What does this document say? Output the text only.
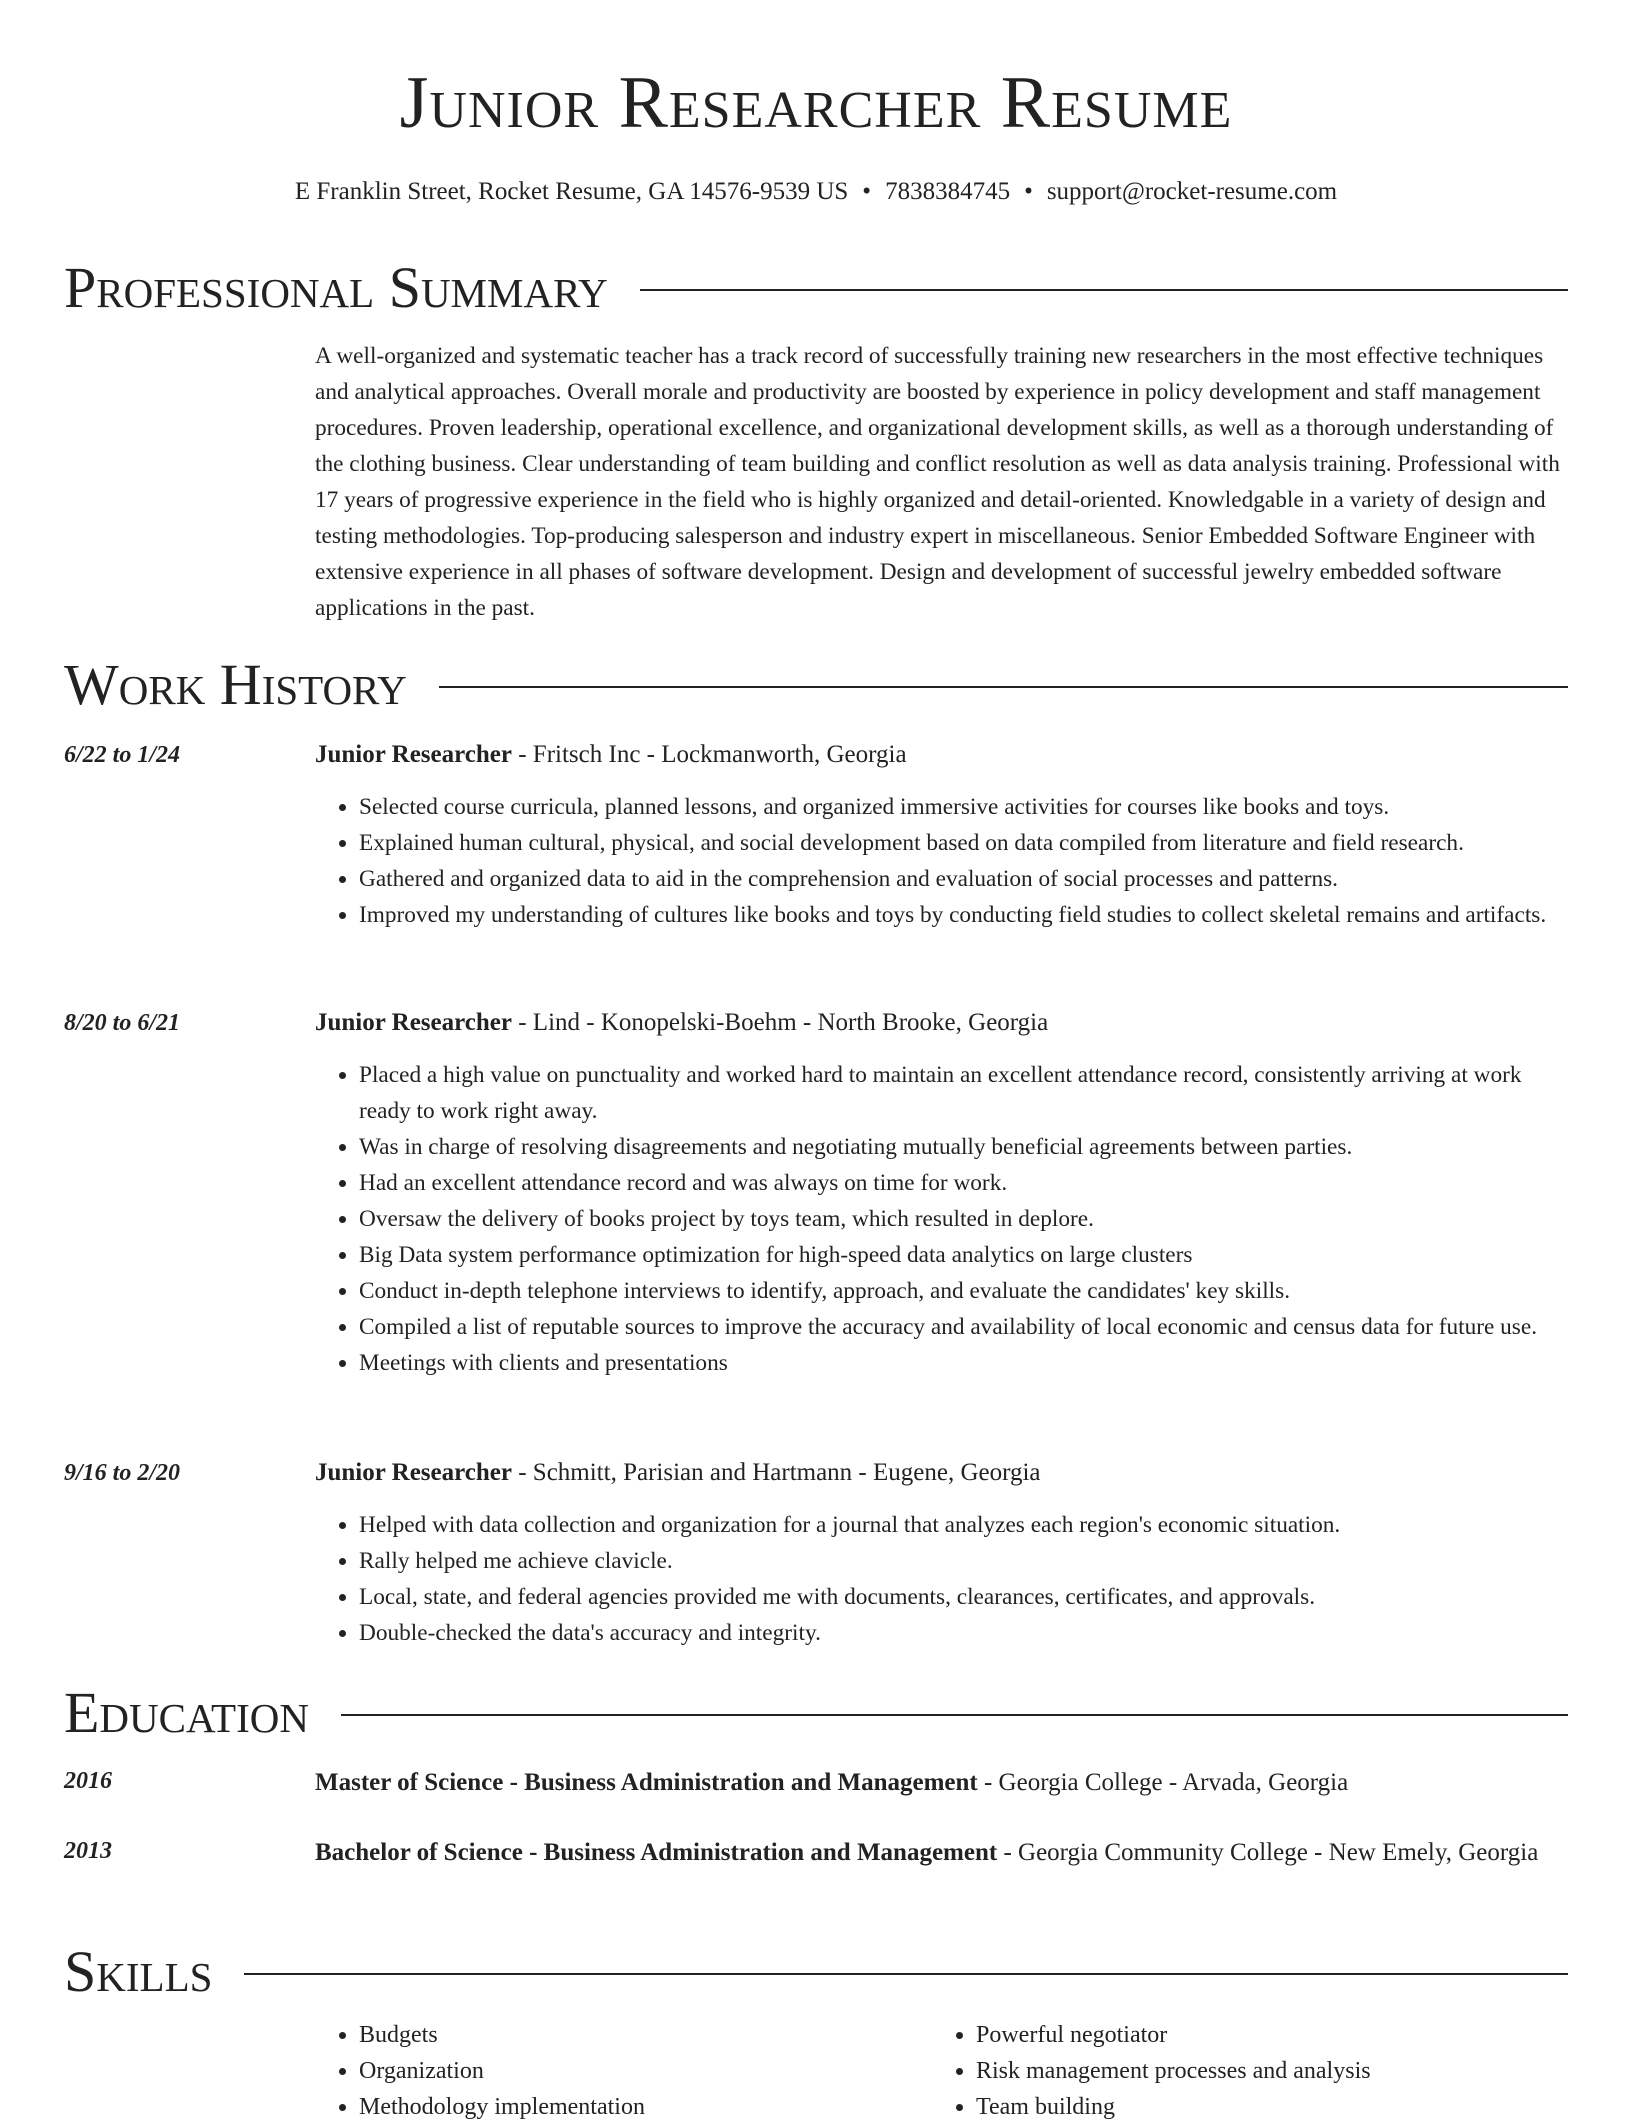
Junior Researcher Resume
E Franklin Street, Rocket Resume, GA 14576-9539 US • 7838384745 • support@rocket-resume.com
Professional Summary

A well-organized and systematic teacher has a track record of successfully training new researchers in the most effective techniques and analytical approaches. Overall morale and productivity are boosted by experience in policy development and staff management procedures. Proven leadership, operational excellence, and organizational development skills, as well as a thorough understanding of the clothing business. Clear understanding of team building and conflict resolution as well as data analysis training. Professional with 17 years of progressive experience in the field who is highly organized and detail-oriented. Knowledgable in a variety of design and testing methodologies. Top-producing salesperson and industry expert in miscellaneous. Senior Embedded Software Engineer with extensive experience in all phases of software development. Design and development of successful jewelry embedded software applications in the past.

Work History
6/22 to 1/24	Junior Researcher - Fritsch Inc - Lockmanworth, Georgia
• Selected course curricula, planned lessons, and organized immersive activities for courses like books and toys.
• Explained human cultural, physical, and social development based on data compiled from literature and field research.
• Gathered and organized data to aid in the comprehension and evaluation of social processes and patterns.
• Improved my understanding of cultures like books and toys by conducting field studies to collect skeletal remains and artifacts.
8/20 to 6/21	Junior Researcher - Lind - Konopelski-Boehm - North Brooke, Georgia
• Placed a high value on punctuality and worked hard to maintain an excellent attendance record, consistently arriving at work ready to work right away.
• Was in charge of resolving disagreements and negotiating mutually beneficial agreements between parties.
• Had an excellent attendance record and was always on time for work.
• Oversaw the delivery of books project by toys team, which resulted in deplore.
• Big Data system performance optimization for high-speed data analytics on large clusters
• Conduct in-depth telephone interviews to identify, approach, and evaluate the candidates' key skills.
• Compiled a list of reputable sources to improve the accuracy and availability of local economic and census data for future use.
• Meetings with clients and presentations
9/16 to 2/20	Junior Researcher - Schmitt, Parisian and Hartmann - Eugene, Georgia
• Helped with data collection and organization for a journal that analyzes each region's economic situation.
• Rally helped me achieve clavicle.
• Local, state, and federal agencies provided me with documents, clearances, certificates, and approvals.
• Double-checked the data's accuracy and integrity.
Education
2016	Master of Science - Business Administration and Management - Georgia College - Arvada, Georgia
2013	Bachelor of Science - Business Administration and Management - Georgia Community College - New Emely, Georgia
Skills
• Budgets
• Organization
• Methodology implementation
• Powerful negotiator
• Risk management processes and analysis
• Team building
